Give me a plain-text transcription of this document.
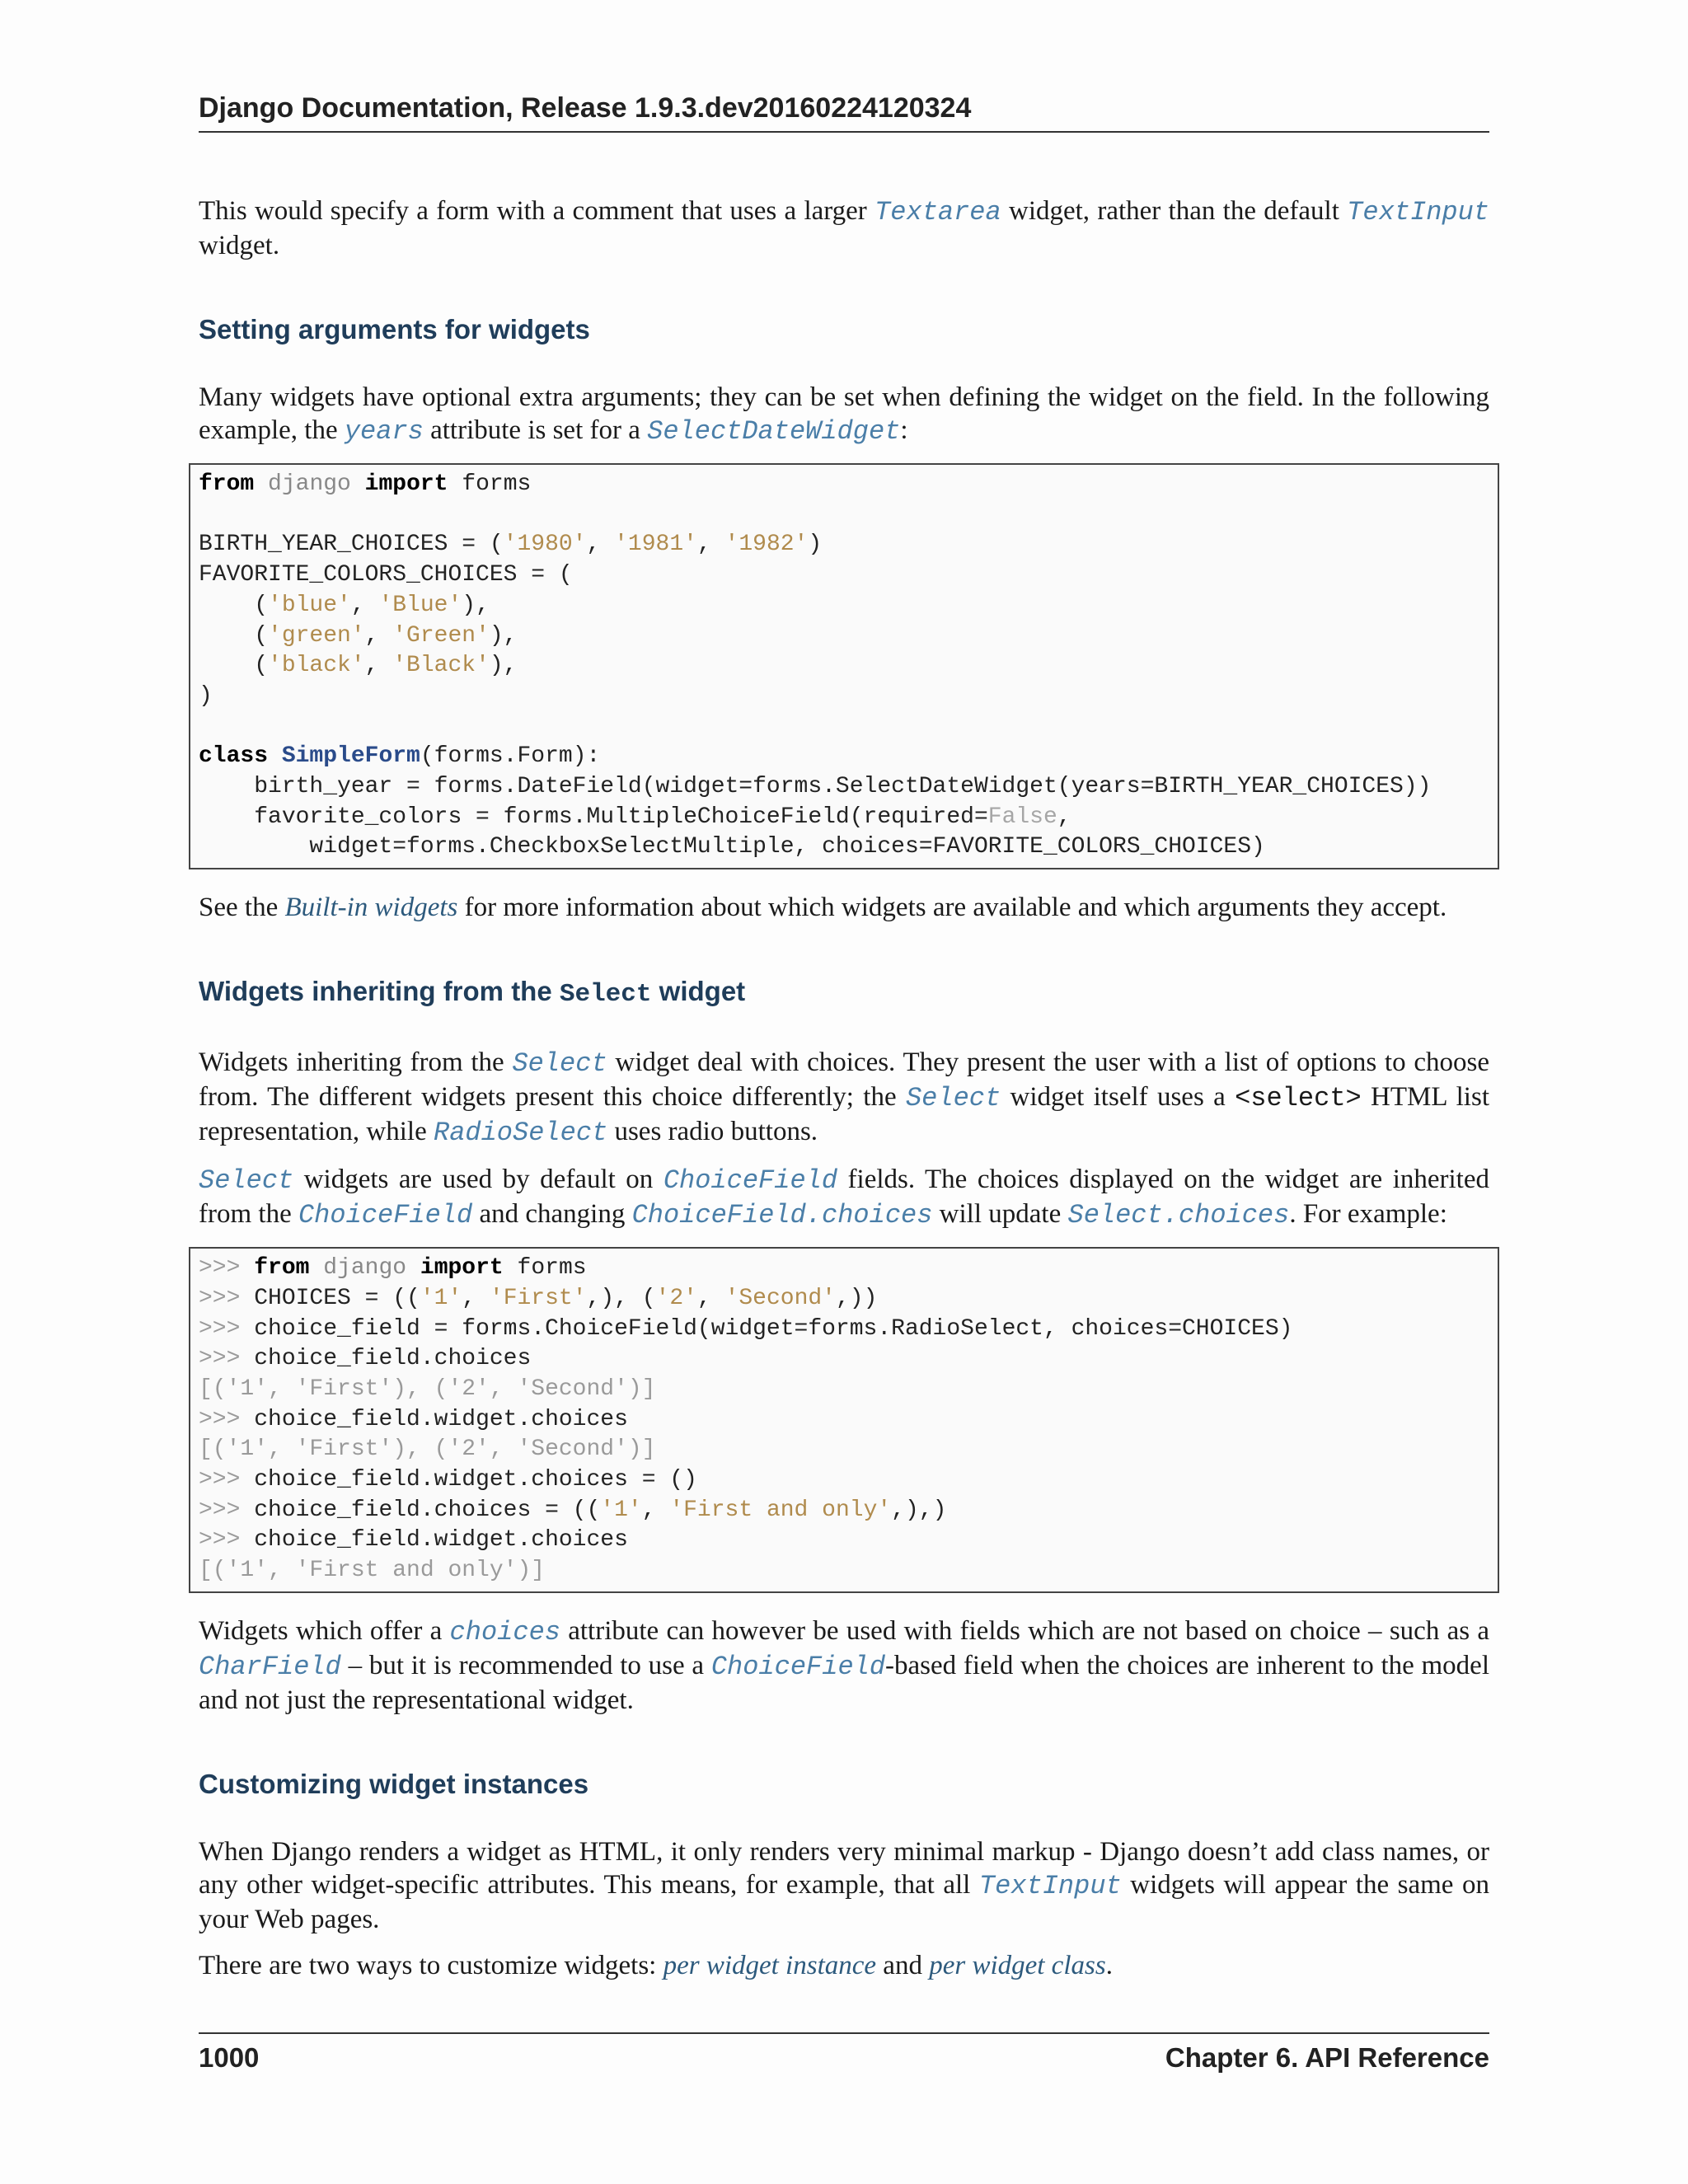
Django Documentation, Release 1.9.3.dev20160224120324

This would specify a form with a comment that uses a larger Textarea widget, rather than the default TextInput widget.

Setting arguments for widgets

Many widgets have optional extra arguments; they can be set when defining the widget on the field. In the following example, the years attribute is set for a SelectDateWidget:

from django import forms

BIRTH_YEAR_CHOICES = ('1980', '1981', '1982')
FAVORITE_COLORS_CHOICES = (
('blue', 'Blue'),
('green', 'Green'),
('black', 'Black'),
)

class SimpleForm(forms.Form):
birth_year = forms.DateField(widget=forms.SelectDateWidget(years=BIRTH_YEAR_CHOICES))
favorite_colors = forms.MultipleChoiceField(required=False,
widget=forms.CheckboxSelectMultiple, choices=FAVORITE_COLORS_CHOICES)

See the Built-in widgets for more information about which widgets are available and which arguments they accept.

Widgets inheriting from the Select widget

Widgets inheriting from the Select widget deal with choices. They present the user with a list of options to choose from. The different widgets present this choice differently; the Select widget itself uses a <select> HTML list representation, while RadioSelect uses radio buttons.

Select widgets are used by default on ChoiceField fields. The choices displayed on the widget are inherited from the ChoiceField and changing ChoiceField.choices will update Select.choices. For example:

>>> from django import forms
>>> CHOICES = (('1', 'First',), ('2', 'Second',))
>>> choice_field = forms.ChoiceField(widget=forms.RadioSelect, choices=CHOICES)
>>> choice_field.choices
[('1', 'First'), ('2', 'Second')]
>>> choice_field.widget.choices
[('1', 'First'), ('2', 'Second')]
>>> choice_field.widget.choices = ()
>>> choice_field.choices = (('1', 'First and only',),)
>>> choice_field.widget.choices
[('1', 'First and only')]

Widgets which offer a choices attribute can however be used with fields which are not based on choice – such as a CharField – but it is recommended to use a ChoiceField-based field when the choices are inherent to the model and not just the representational widget.

Customizing widget instances

When Django renders a widget as HTML, it only renders very minimal markup - Django doesn’t add class names, or any other widget-specific attributes. This means, for example, that all TextInput widgets will appear the same on your Web pages.

There are two ways to customize widgets: per widget instance and per widget class.

1000	Chapter 6. API Reference
